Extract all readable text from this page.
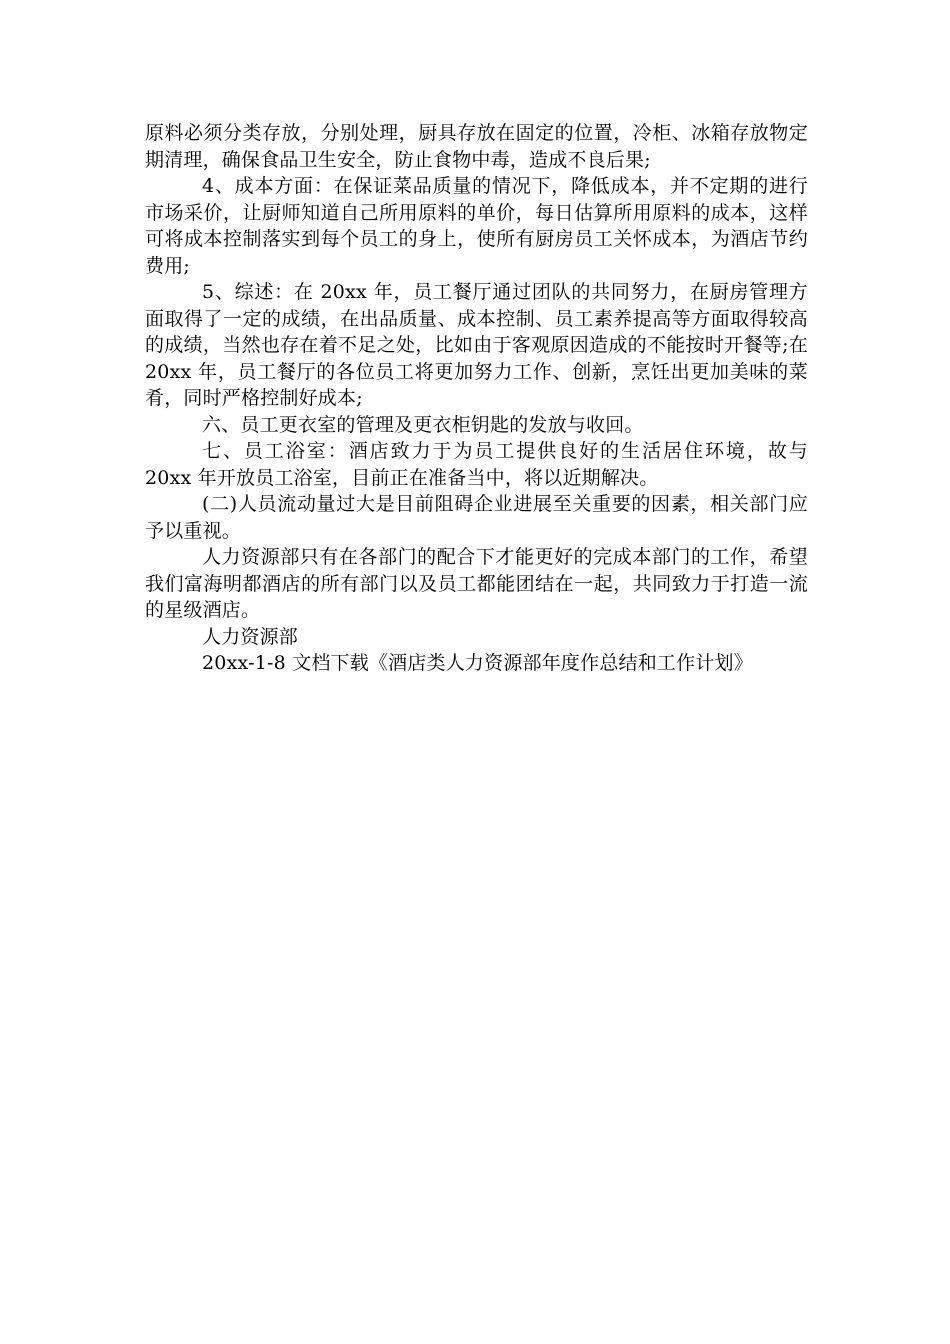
原料必须分类存放，分别处理，厨具存放在固定的位置，冷柜、冰箱存放物定期清理，确保食品卫生安全，防止食物中毒，造成不良后果;

4、成本方面：在保证菜品质量的情况下，降低成本，并不定期的进行市场采价，让厨师知道自己所用原料的单价，每日估算所用原料的成本，这样可将成本控制落实到每个员工的身上，使所有厨房员工关怀成本，为酒店节约费用;

5、综述：在 20xx 年，员工餐厅通过团队的共同努力，在厨房管理方面取得了一定的成绩，在出品质量、成本控制、员工素养提高等方面取得较高的成绩，当然也存在着不足之处，比如由于客观原因造成的不能按时开餐等;在 20xx 年，员工餐厅的各位员工将更加努力工作、创新，烹饪出更加美味的菜肴，同时严格控制好成本;

六、员工更衣室的管理及更衣柜钥匙的发放与收回。

七、员工浴室：酒店致力于为员工提供良好的生活居住环境，故与 20xx 年开放员工浴室，目前正在准备当中，将以近期解决。

(二)人员流动量过大是目前阻碍企业进展至关重要的因素，相关部门应予以重视。

人力资源部只有在各部门的配合下才能更好的完成本部门的工作，希望我们富海明都酒店的所有部门以及员工都能团结在一起，共同致力于打造一流的星级酒店。

人力资源部

20xx-1-8 文档下载《酒店类人力资源部年度作总结和工作计划》
